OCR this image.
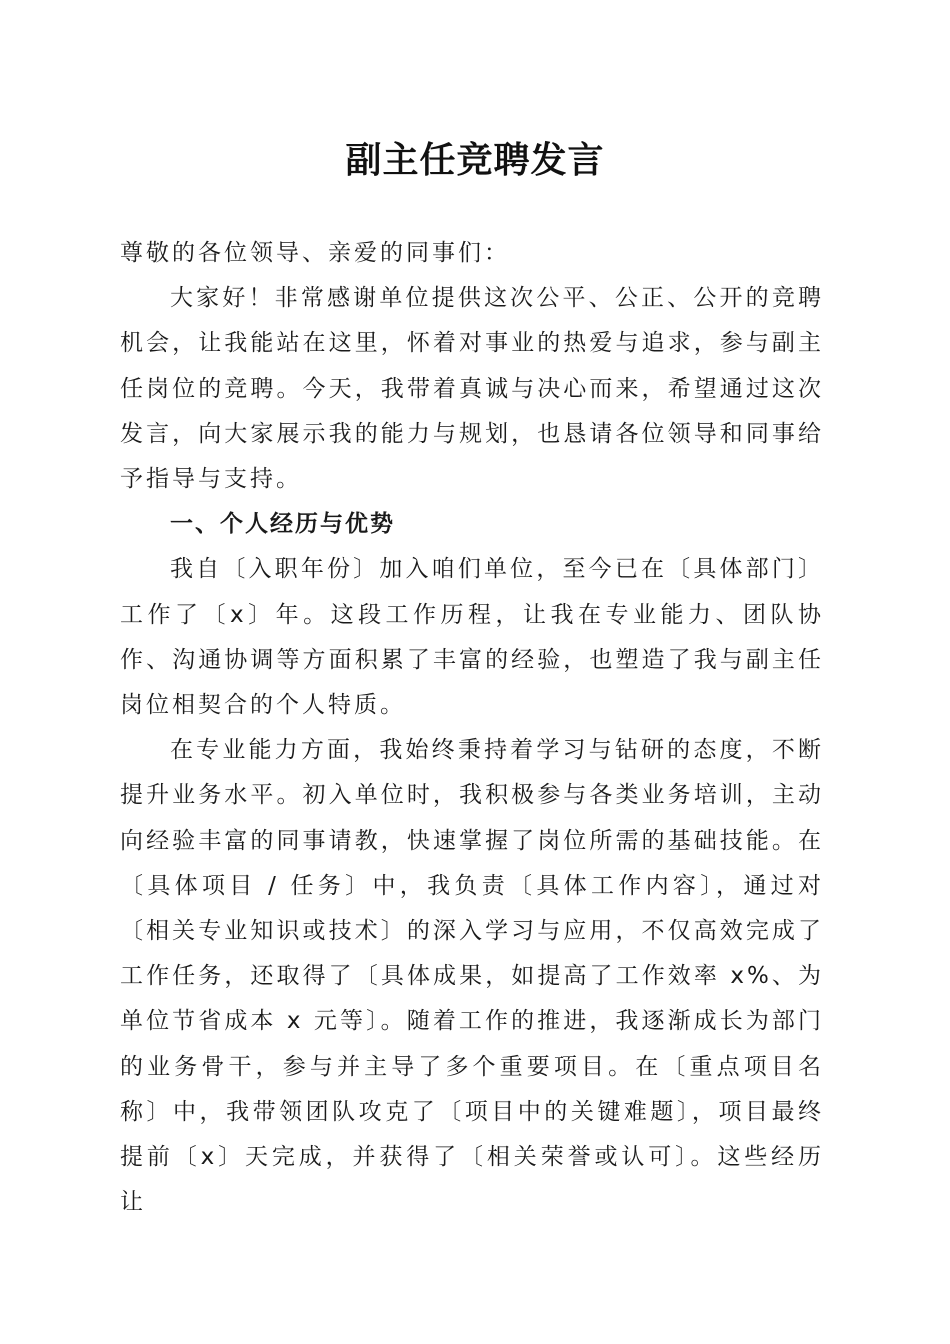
副主任竞聘发言

尊敬的各位领导、亲爱的同事们：

大家好！非常感谢单位提供这次公平、公正、公开的竞聘机会，让我能站在这里，怀着对事业的热爱与追求，参与副主任岗位的竞聘。今天，我带着真诚与决心而来，希望通过这次发言，向大家展示我的能力与规划，也恳请各位领导和同事给予指导与支持。

一、个人经历与优势

我自〔入职年份〕加入咱们单位，至今已在〔具体部门〕工作了〔x〕年。这段工作历程，让我在专业能力、团队协作、沟通协调等方面积累了丰富的经验，也塑造了我与副主任岗位相契合的个人特质。

在专业能力方面，我始终秉持着学习与钻研的态度，不断提升业务水平。初入单位时，我积极参与各类业务培训，主动向经验丰富的同事请教，快速掌握了岗位所需的基础技能。在〔具体项目 / 任务〕中，我负责〔具体工作内容〕，通过对〔相关专业知识或技术〕的深入学习与应用，不仅高效完成了工作任务，还取得了〔具体成果，如提高了工作效率 x%、为单位节省成本 x 元等〕。随着工作的推进，我逐渐成长为部门的业务骨干，参与并主导了多个重要项目。在〔重点项目名称〕中，我带领团队攻克了〔项目中的关键难题〕，项目最终提前〔x〕天完成，并获得了〔相关荣誉或认可〕。这些经历让
